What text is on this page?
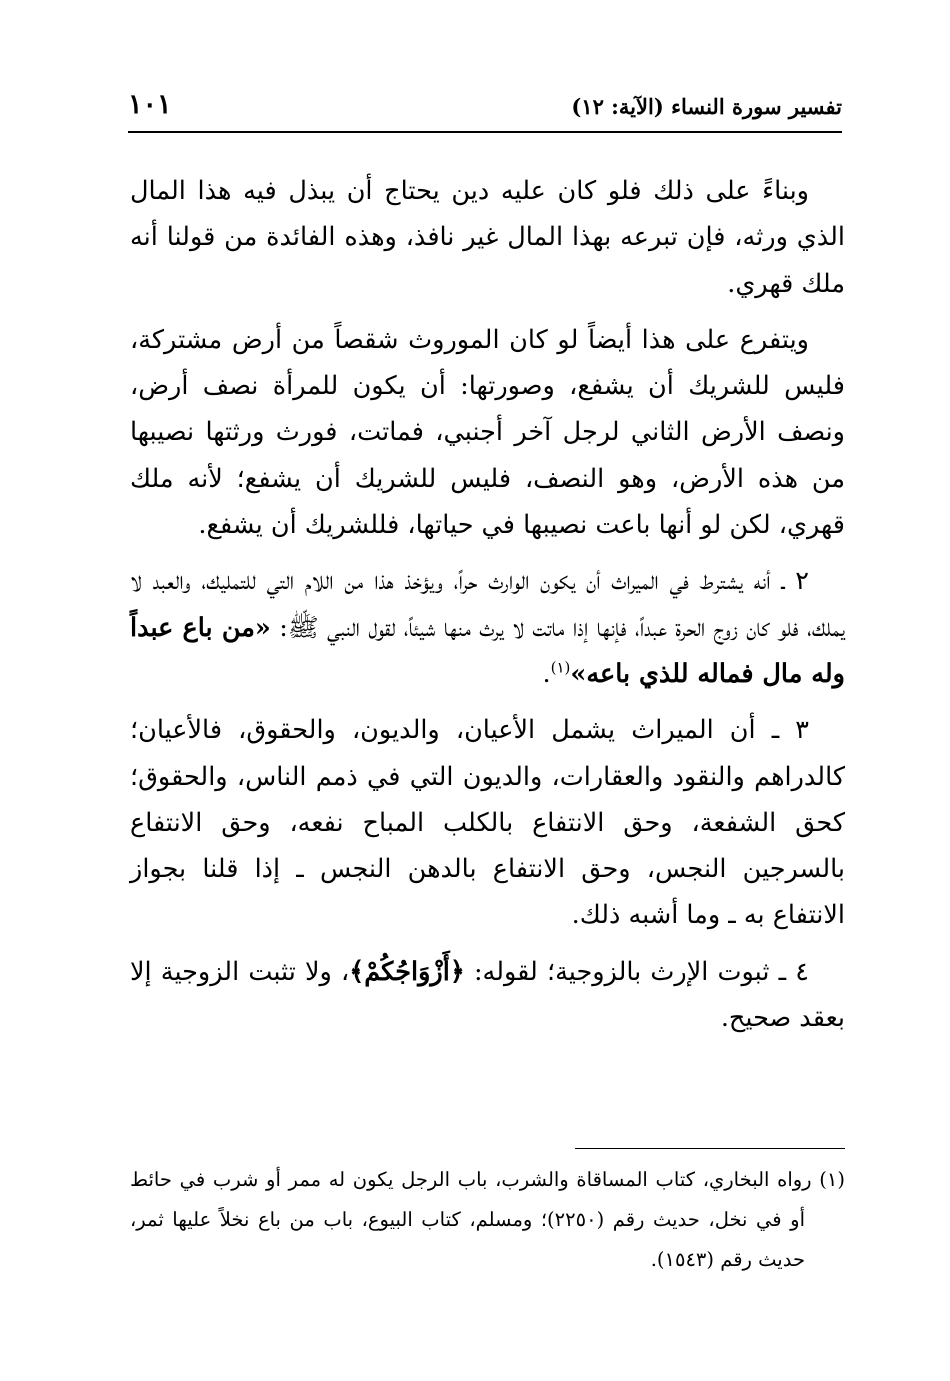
تفسير سورة النساء (الآية: ١٢)
١٠١

وبناءً على ذلك فلو كان عليه دين يحتاج أن يبذل فيه هذا المال الذي ورثه، فإن تبرعه بهذا المال غير نافذ، وهذه الفائدة من قولنا أنه ملك قهري.

ويتفرع على هذا أيضاً لو كان الموروث شقصاً من أرض مشتركة، فليس للشريك أن يشفع، وصورتها: أن يكون للمرأة نصف أرض، ونصف الأرض الثاني لرجل آخر أجنبي، فماتت، فورث ورثتها نصيبها من هذه الأرض، وهو النصف، فليس للشريك أن يشفع؛ لأنه ملك قهري، لكن لو أنها باعت نصيبها في حياتها، فللشريك أن يشفع.

٢ ـ أنه يشترط في الميراث أن يكون الوارث حراً، ويؤخذ هذا من اللام التي للتمليك، والعبد لا يملك، فلو كان زوج الحرة عبداً، فإنها إذا ماتت لا يرث منها شيئاً، لقول النبي ﷺ: «من باع عبداً وله مال فماله للذي باعه»$^{(١)}$.

٣ ـ أن الميراث يشمل الأعيان، والديون، والحقوق، فالأعيان؛ كالدراهم والنقود والعقارات، والديون التي في ذمم الناس، والحقوق؛ كحق الشفعة، وحق الانتفاع بالكلب المباح نفعه، وحق الانتفاع بالسرجين النجس، وحق الانتفاع بالدهن النجس ـ إذا قلنا بجواز الانتفاع به ـ وما أشبه ذلك.

٤ ـ ثبوت الإرث بالزوجية؛ لقوله: ﴿أَزْوَاجُكُمْ﴾، ولا تثبت الزوجية إلا بعقد صحيح.

(١) رواه البخاري، كتاب المساقاة والشرب، باب الرجل يكون له ممر أو شرب في حائط أو في نخل، حديث رقم (٢٢٥٠)؛ ومسلم، كتاب البيوع، باب من باع نخلاً عليها ثمر، حديث رقم (١٥٤٣).
